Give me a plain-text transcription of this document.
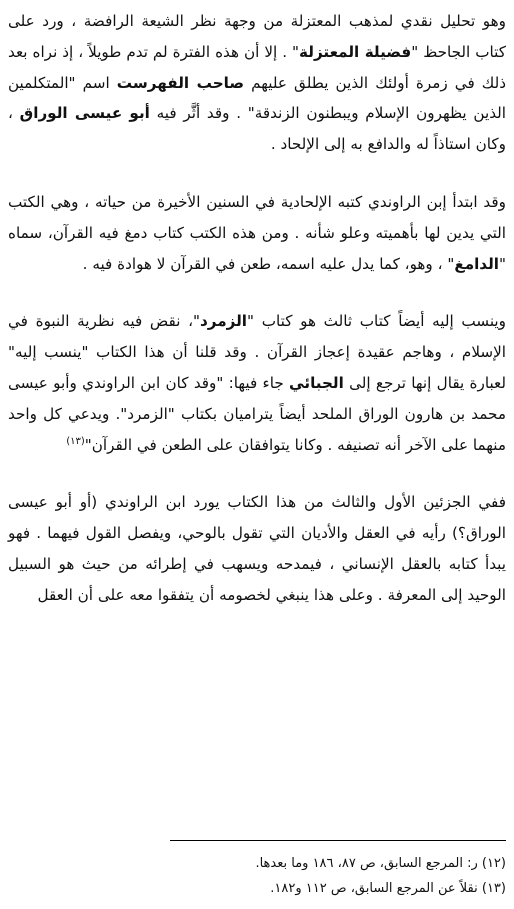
وهو تحليل نقدي لمذهب المعتزلة من وجهة نظر الشيعة الرافضة ، ورد على كتاب الجاحظ "فضيلة المعتزلة" . إلا أن هذه الفترة لم تدم طويلاً ، إذ نراه بعد ذلك في زمرة أولئك الذين يطلق عليهم صاحب الفهرست اسم "المتكلمين الذين يظهرون الإسلام ويبطنون الزندقة" . وقد أثَّر فيه أبو عيسى الوراق ، وكان استاذاً له والدافع به إلى الإلحاد .

وقد ابتدأ إبن الراوندي كتبه الإلحادية في السنين الأخيرة من حياته ، وهي الكتب التي يدين لها بأهميته وعلو شأنه . ومن هذه الكتب كتاب دمغ فيه القرآن، سماه "الدامغ" ، وهو، كما يدل عليه اسمه، طعن في القرآن لا هوادة فيه .

وينسب إليه أيضاً كتاب ثالث هو كتاب "الزمرد"، نقض فيه نظرية النبوة في الإسلام ، وهاجم عقيدة إعجاز القرآن . وقد قلنا أن هذا الكتاب "ينسب إليه" لعبارة يقال إنها ترجع إلى الجبائي جاء فيها: "وقد كان ابن الراوندي وأبو عيسى محمد بن هارون الوراق الملحد أيضاً يترامیان بكتاب "الزمرد". ويدعي كل واحد منهما على الآخر أنه تصنيفه . وكانا يتوافقان على الطعن في القرآن"$^{(١٣)}$

ففي الجزئين الأول والثالث من هذا الكتاب يورد ابن الراوندي (أو أبو عيسى الوراق؟) رأيه في العقل والأديان التي تقول بالوحي، ويفصل القول فيهما . فهو يبدأ كتابه بالعقل الإنساني ، فيمدحه ويسهب في إطرائه من حيث هو السبيل الوحيد إلى المعرفة . وعلى هذا ينبغي لخصومه أن يتفقوا معه على أن العقل

(١٢) ر: المرجع السابق، ص ٨٧، ١٨٦ وما بعدها.

(١٣) نقلاً عن المرجع السابق، ص ١١٢ و١٨٢.
